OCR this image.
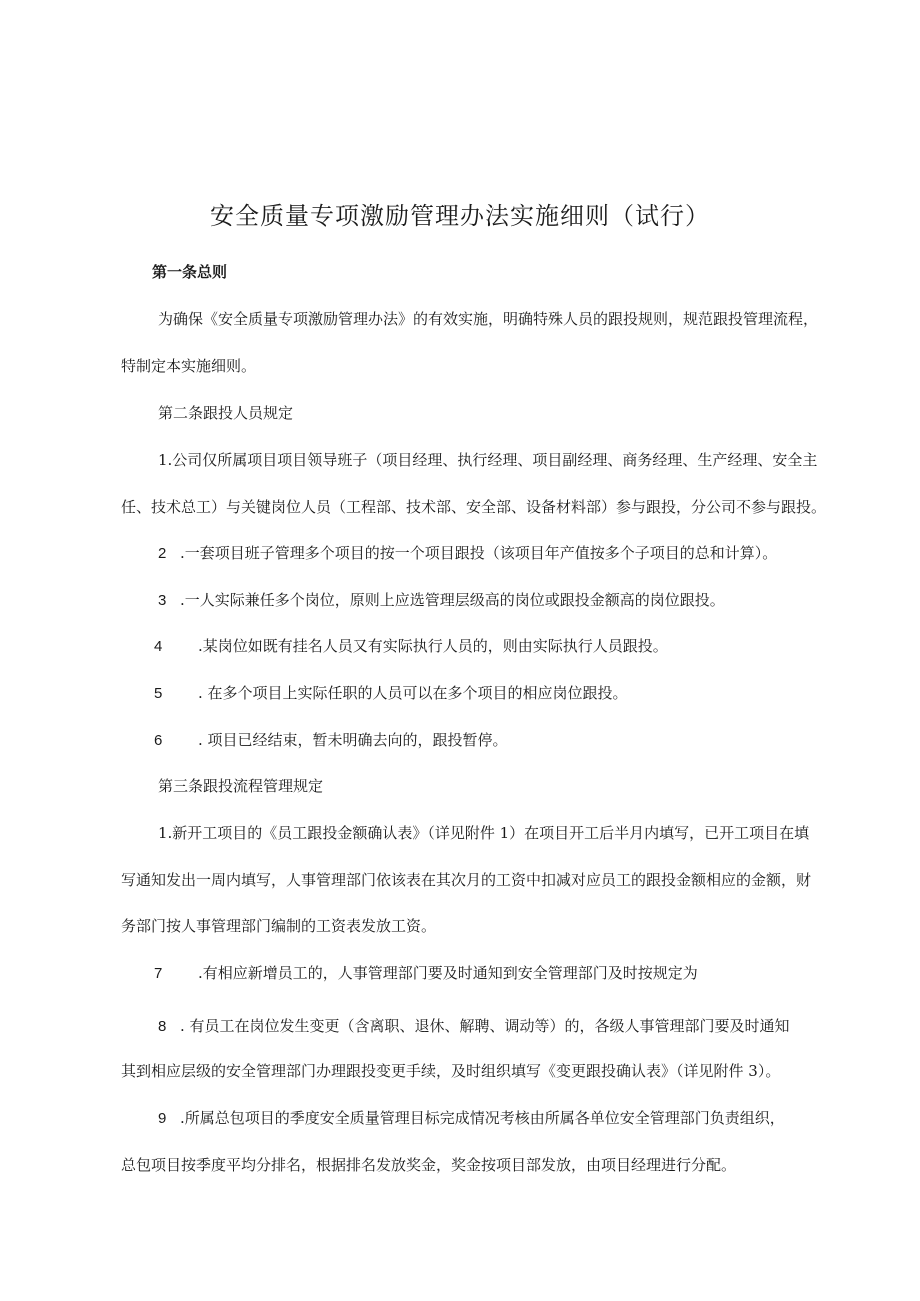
安全质量专项激励管理办法实施细则（试行）
第一条总则
为确保《安全质量专项激励管理办法》的有效实施，明确特殊人员的跟投规则，规范跟投管理流程，
特制定本实施细则。
第二条跟投人员规定
1.公司仅所属项目项目领导班子（项目经理、执行经理、项目副经理、商务经理、生产经理、安全主
任、技术总工）与关键岗位人员（工程部、技术部、安全部、设备材料部）参与跟投，分公司不参与跟投。
2 .一套项目班子管理多个项目的按一个项目跟投（该项目年产值按多个子项目的总和计算）。
3 .一人实际兼任多个岗位，原则上应选管理层级高的岗位或跟投金额高的岗位跟投。
4 .某岗位如既有挂名人员又有实际执行人员的，则由实际执行人员跟投。
5 . 在多个项目上实际任职的人员可以在多个项目的相应岗位跟投。
6 . 项目已经结束，暂未明确去向的，跟投暂停。
第三条跟投流程管理规定
1.新开工项目的《员工跟投金额确认表》（详见附件 1）在项目开工后半月内填写，已开工项目在填
写通知发出一周内填写，人事管理部门依该表在其次月的工资中扣减对应员工的跟投金额相应的金额，财
务部门按人事管理部门编制的工资表发放工资。
7 .有相应新增员工的，人事管理部门要及时通知到安全管理部门及时按规定为
8 . 有员工在岗位发生变更（含离职、退休、解聘、调动等）的，各级人事管理部门要及时通知
其到相应层级的安全管理部门办理跟投变更手续，及时组织填写《变更跟投确认表》（详见附件 3）。
9 .所属总包项目的季度安全质量管理目标完成情况考核由所属各单位安全管理部门负责组织，
总包项目按季度平均分排名，根据排名发放奖金，奖金按项目部发放，由项目经理进行分配。
